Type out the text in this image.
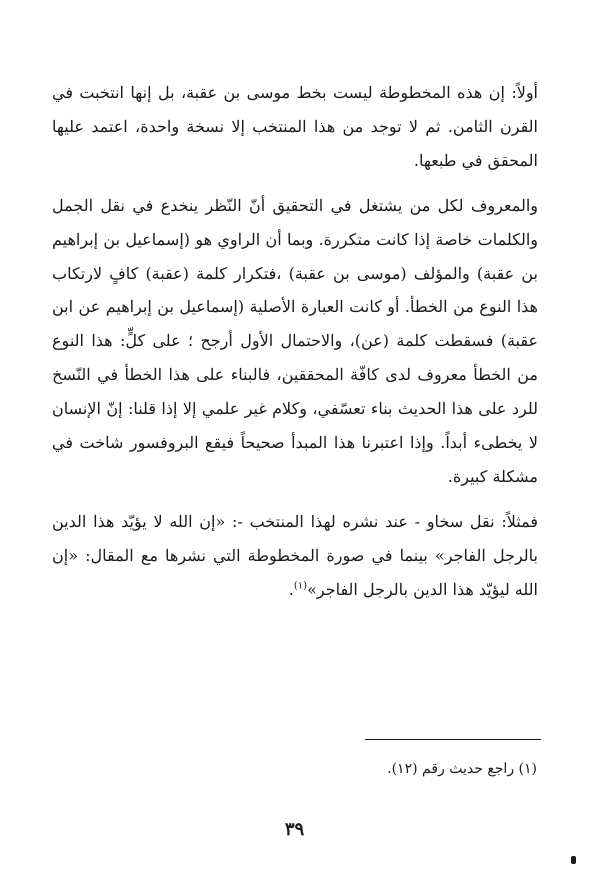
أولاً: إن هذه المخطوطة ليست بخط موسى بن عقبة، بل إنها انتخبت في القرن الثامن. ثم لا توجد من هذا المنتخب إلا نسخة واحدة، اعتمد عليها المحقق في طبعها.

والمعروف لكل من يشتغل في التحقيق أنّ النّظر ينخدع في نقل الجمل والكلمات خاصة إذا كانت متكررة. وبما أن الراوي هو (إسماعيل بن إبراهيم بن عقبة) والمؤلف (موسى بن عقبة) ،فتكرار كلمة (عقبة) كافٍ لارتكاب هذا النوع من الخطأ. أو كانت العبارة الأصلية (إسماعيل بن إبراهيم عن ابن عقبة) فسقطت كلمة (عن)، والاحتمال الأول أرجح ؛ على كلٍّ: هذا النوع من الخطأ معروف لدى كافّة المحققين، فالبناء على هذا الخطأ في النّسخ للرد على هذا الحديث بناء تعسّفي، وكلام غير علمي إلا إذا قلنا: إنّ الإنسان لا يخطىء أبداً. وإذا اعتبرنا هذا المبدأ صحيحاً فيقع البروفسور شاخت في مشكلة كبيرة.

فمثلاً: نقل سخاو - عند نشره لهذا المنتخب -: «إن الله لا يؤيّد هذا الدين بالرجل الفاجر» بينما في صورة المخطوطة التي نشرها مع المقال: «إن الله ليؤيّد هذا الدين بالرجل الفاجر»$^{(١)}$.

(١) راجع حديث رقم (١٢).
٣٩
